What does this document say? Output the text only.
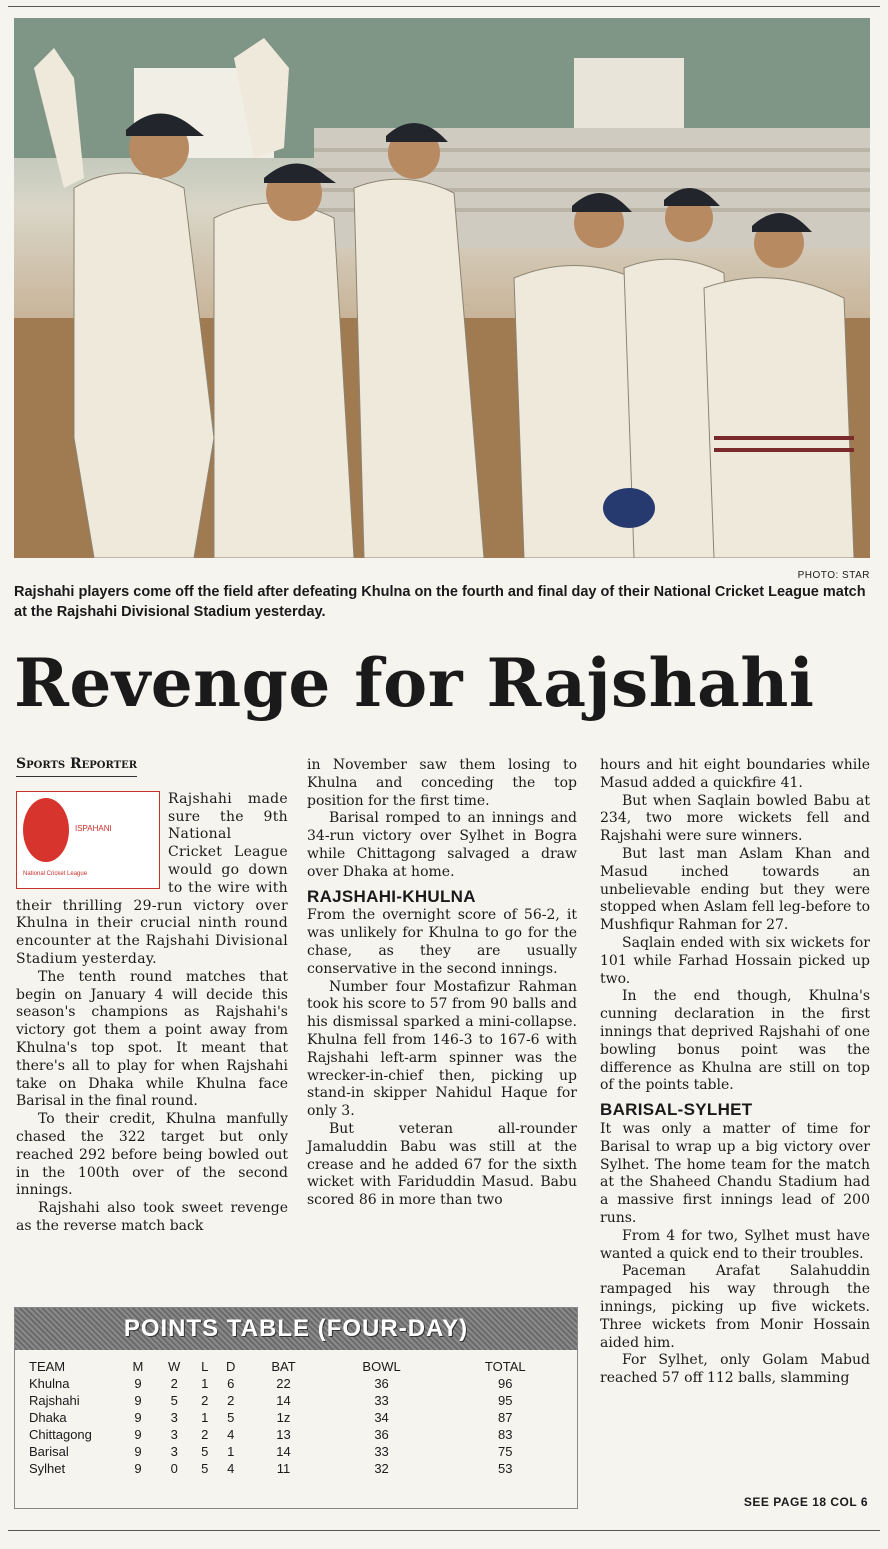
PHOTO: STAR
Rajshahi players come off the field after defeating Khulna on the fourth and final day of their National Cricket League match at the Rajshahi Divisional Stadium yesterday.
Revenge for Rajshahi
Sports Reporter
ISPAHANI
National Cricket League

Rajshahi made sure the 9th National Cricket League would go down to the wire with their thrilling 29-run victory over Khulna in their crucial ninth round encounter at the Rajshahi Divisional Stadium yesterday.

The tenth round matches that begin on January 4 will decide this season's champions as Rajshahi's victory got them a point away from Khulna's top spot. It meant that there's all to play for when Rajshahi take on Dhaka while Khulna face Barisal in the final round.

To their credit, Khulna manfully chased the 322 target but only reached 292 before being bowled out in the 100th over of the second innings.

Rajshahi also took sweet revenge as the reverse match back

in November saw them losing to Khulna and conceding the top position for the first time.

Barisal romped to an innings and 34-run victory over Sylhet in Bogra while Chittagong salvaged a draw over Dhaka at home.

RAJSHAHI-KHULNA

From the overnight score of 56-2, it was unlikely for Khulna to go for the chase, as they are usually conservative in the second innings.

Number four Mostafizur Rahman took his score to 57 from 90 balls and his dismissal sparked a mini-collapse. Khulna fell from 146-3 to 167-6 with Rajshahi left-arm spinner was the wrecker-in-chief then, picking up stand-in skipper Nahidul Haque for only 3.

But veteran all-rounder Jamaluddin Babu was still at the crease and he added 67 for the sixth wicket with Fariduddin Masud. Babu scored 86 in more than two

hours and hit eight boundaries while Masud added a quickfire 41.

But when Saqlain bowled Babu at 234, two more wickets fell and Rajshahi were sure winners.

But last man Aslam Khan and Masud inched towards an unbelievable ending but they were stopped when Aslam fell leg-before to Mushfiqur Rahman for 27.

Saqlain ended with six wickets for 101 while Farhad Hossain picked up two.

In the end though, Khulna's cunning declaration in the first innings that deprived Rajshahi of one bowling bonus point was the difference as Khulna are still on top of the points table.

BARISAL-SYLHET

It was only a matter of time for Barisal to wrap up a big victory over Sylhet. The home team for the match at the Shaheed Chandu Stadium had a massive first innings lead of 200 runs.

From 4 for two, Sylhet must have wanted a quick end to their troubles.

Paceman Arafat Salahuddin rampaged his way through the innings, picking up five wickets. Three wickets from Monir Hossain aided him.

For Sylhet, only Golam Mabud reached 57 off 112 balls, slamming

POINTS TABLE (FOUR-DAY)
TEAM	M	W	L	D	BAT	BOWL	TOTAL
Khulna	9	2	1	6	22	36	96
Rajshahi	9	5	2	2	14	33	95
Dhaka	9	3	1	5	1z	34	87
Chittagong	9	3	2	4	13	36	83
Barisal	9	3	5	1	14	33	75
Sylhet	9	0	5	4	11	32	53
SEE PAGE 18 COL 6
